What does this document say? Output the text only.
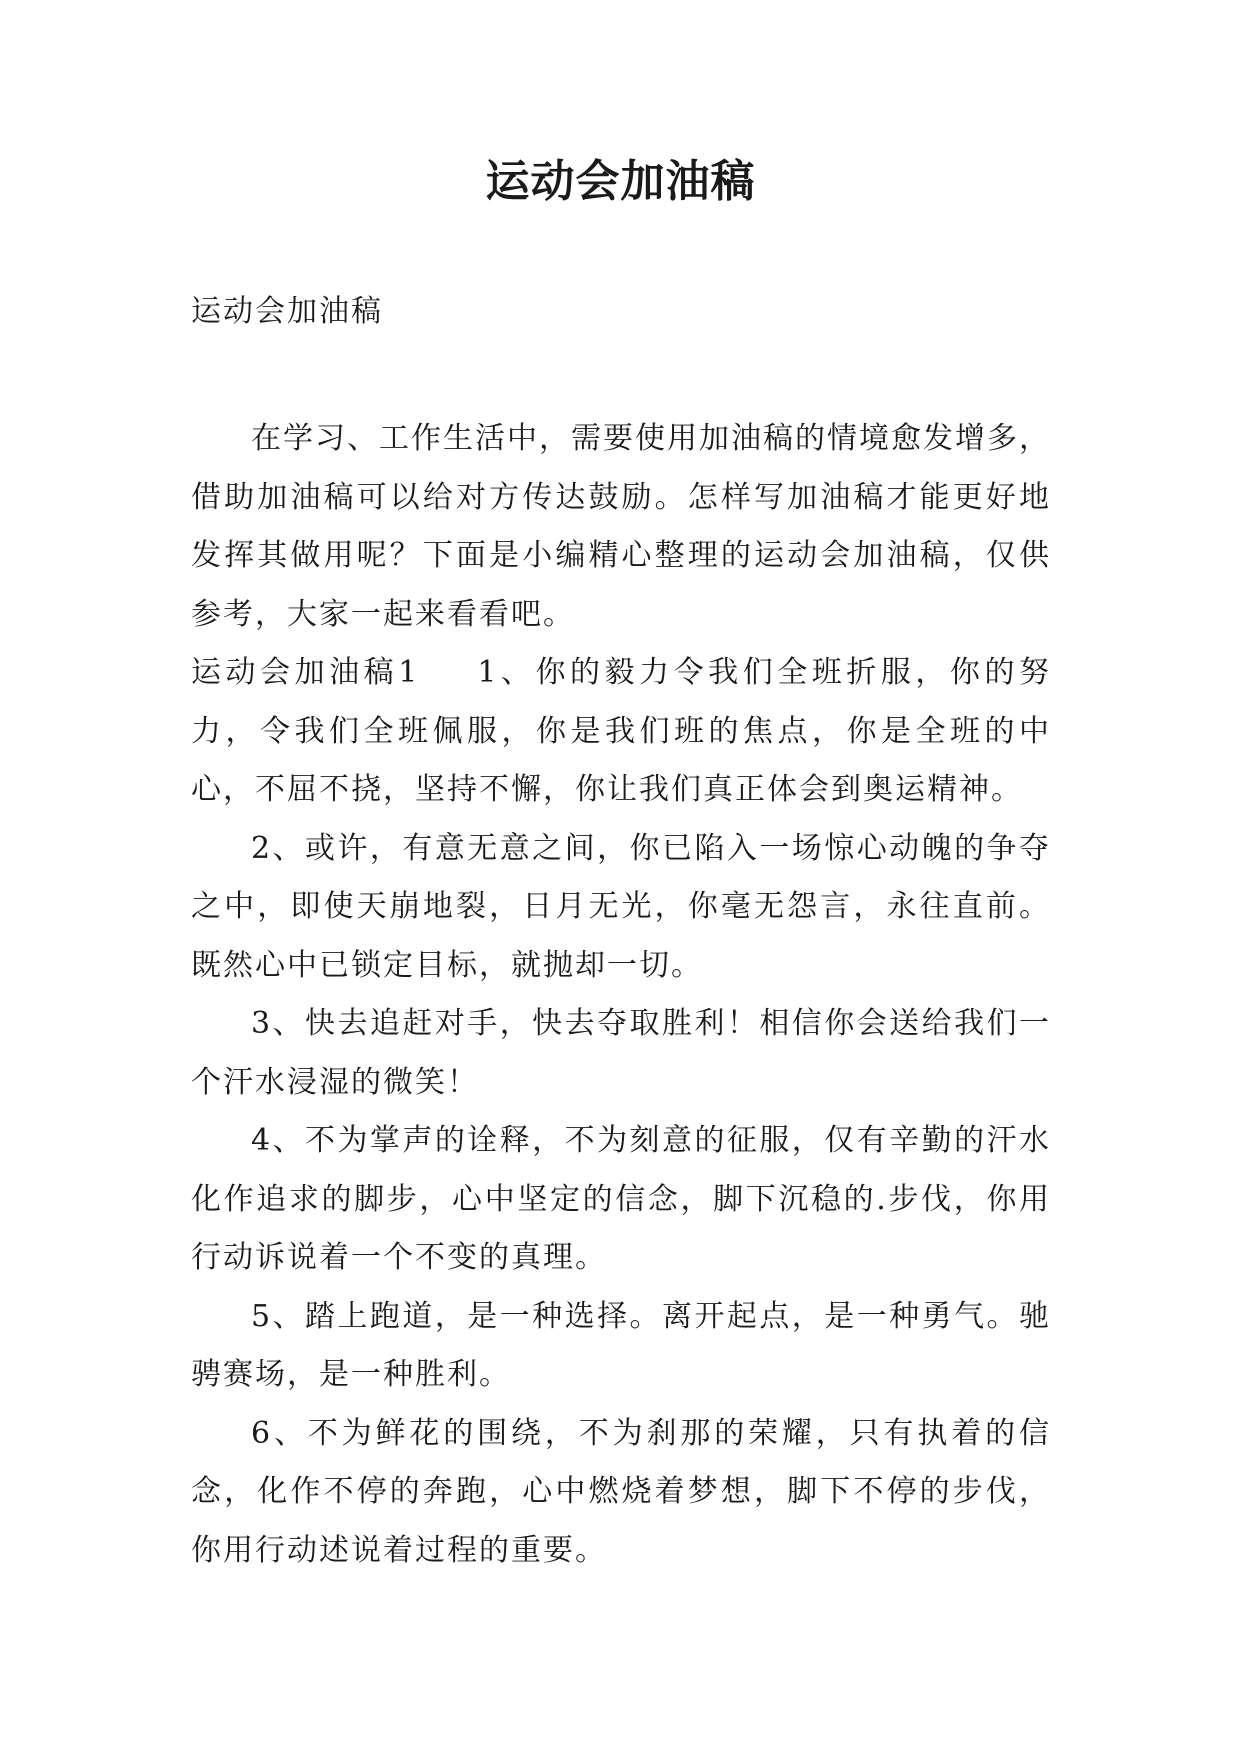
运动会加油稿

运动会加油稿

在学习、工作生活中，需要使用加油稿的情境愈发增多，借助加油稿可以给对方传达鼓励。怎样写加油稿才能更好地发挥其做用呢？下面是小编精心整理的运动会加油稿，仅供参考，大家一起来看看吧。

运动会加油稿1 1、你的毅力令我们全班折服，你的努力，令我们全班佩服，你是我们班的焦点，你是全班的中心，不屈不挠，坚持不懈，你让我们真正体会到奥运精神。

2、或许，有意无意之间，你已陷入一场惊心动魄的争夺之中，即使天崩地裂，日月无光，你毫无怨言，永往直前。既然心中已锁定目标，就抛却一切。

3、快去追赶对手，快去夺取胜利！相信你会送给我们一个汗水浸湿的微笑！

4、不为掌声的诠释，不为刻意的征服，仅有辛勤的汗水化作追求的脚步，心中坚定的信念，脚下沉稳的.步伐，你用行动诉说着一个不变的真理。

5、踏上跑道，是一种选择。离开起点，是一种勇气。驰骋赛场，是一种胜利。

6、不为鲜花的围绕，不为刹那的荣耀，只有执着的信念，化作不停的奔跑，心中燃烧着梦想，脚下不停的步伐，你用行动述说着过程的重要。
